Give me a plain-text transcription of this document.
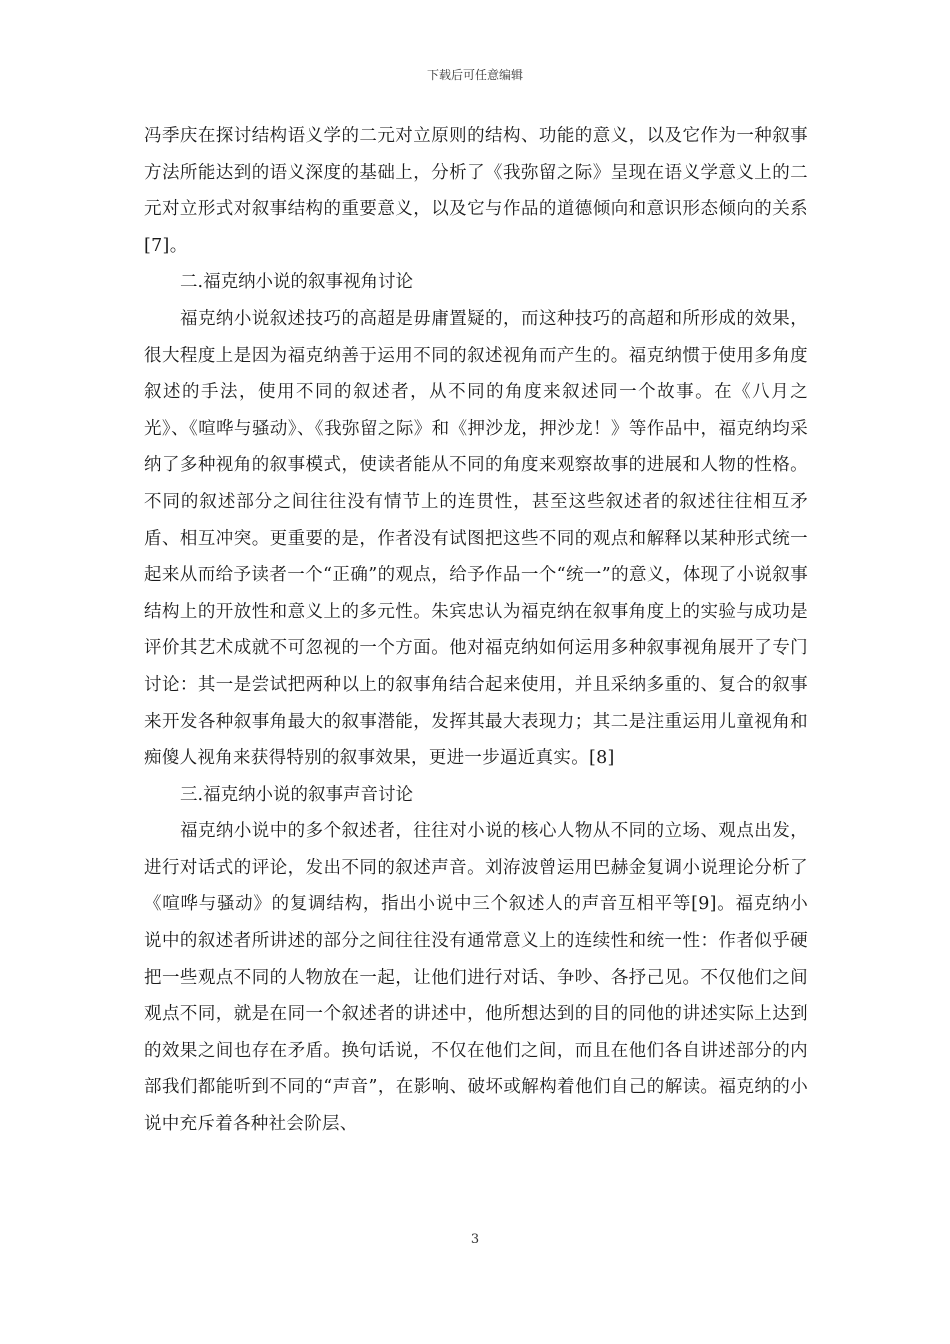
下载后可任意编辑

冯季庆在探讨结构语义学的二元对立原则的结构、功能的意义，以及它作为一种叙事方法所能达到的语义深度的基础上，分析了《我弥留之际》呈现在语义学意义上的二元对立形式对叙事结构的重要意义，以及它与作品的道德倾向和意识形态倾向的关系[7]。

二.福克纳小说的叙事视角讨论

福克纳小说叙述技巧的高超是毋庸置疑的，而这种技巧的高超和所形成的效果，很大程度上是因为福克纳善于运用不同的叙述视角而产生的。福克纳惯于使用多角度叙述的手法，使用不同的叙述者，从不同的角度来叙述同一个故事。在《八月之光》、《喧哗与骚动》、《我弥留之际》和《押沙龙，押沙龙！》等作品中，福克纳均采纳了多种视角的叙事模式，使读者能从不同的角度来观察故事的进展和人物的性格。不同的叙述部分之间往往没有情节上的连贯性，甚至这些叙述者的叙述往往相互矛盾、相互冲突。更重要的是，作者没有试图把这些不同的观点和解释以某种形式统一起来从而给予读者一个“正确”的观点，给予作品一个“统一”的意义，体现了小说叙事结构上的开放性和意义上的多元性。朱宾忠认为福克纳在叙事角度上的实验与成功是评价其艺术成就不可忽视的一个方面。他对福克纳如何运用多种叙事视角展开了专门讨论：其一是尝试把两种以上的叙事角结合起来使用，并且采纳多重的、复合的叙事来开发各种叙事角最大的叙事潜能，发挥其最大表现力；其二是注重运用儿童视角和痴傻人视角来获得特别的叙事效果，更进一步逼近真实。[8]

三.福克纳小说的叙事声音讨论

福克纳小说中的多个叙述者，往往对小说的核心人物从不同的立场、观点出发，进行对话式的评论，发出不同的叙述声音。刘洊波曾运用巴赫金复调小说理论分析了《喧哗与骚动》的复调结构，指出小说中三个叙述人的声音互相平等[9]。福克纳小说中的叙述者所讲述的部分之间往往没有通常意义上的连续性和统一性：作者似乎硬把一些观点不同的人物放在一起，让他们进行对话、争吵、各抒己见。不仅他们之间观点不同，就是在同一个叙述者的讲述中，他所想达到的目的同他的讲述实际上达到的效果之间也存在矛盾。换句话说，不仅在他们之间，而且在他们各自讲述部分的内部我们都能听到不同的“声音”，在影响、破坏或解构着他们自己的解读。福克纳的小说中充斥着各种社会阶层、

3
